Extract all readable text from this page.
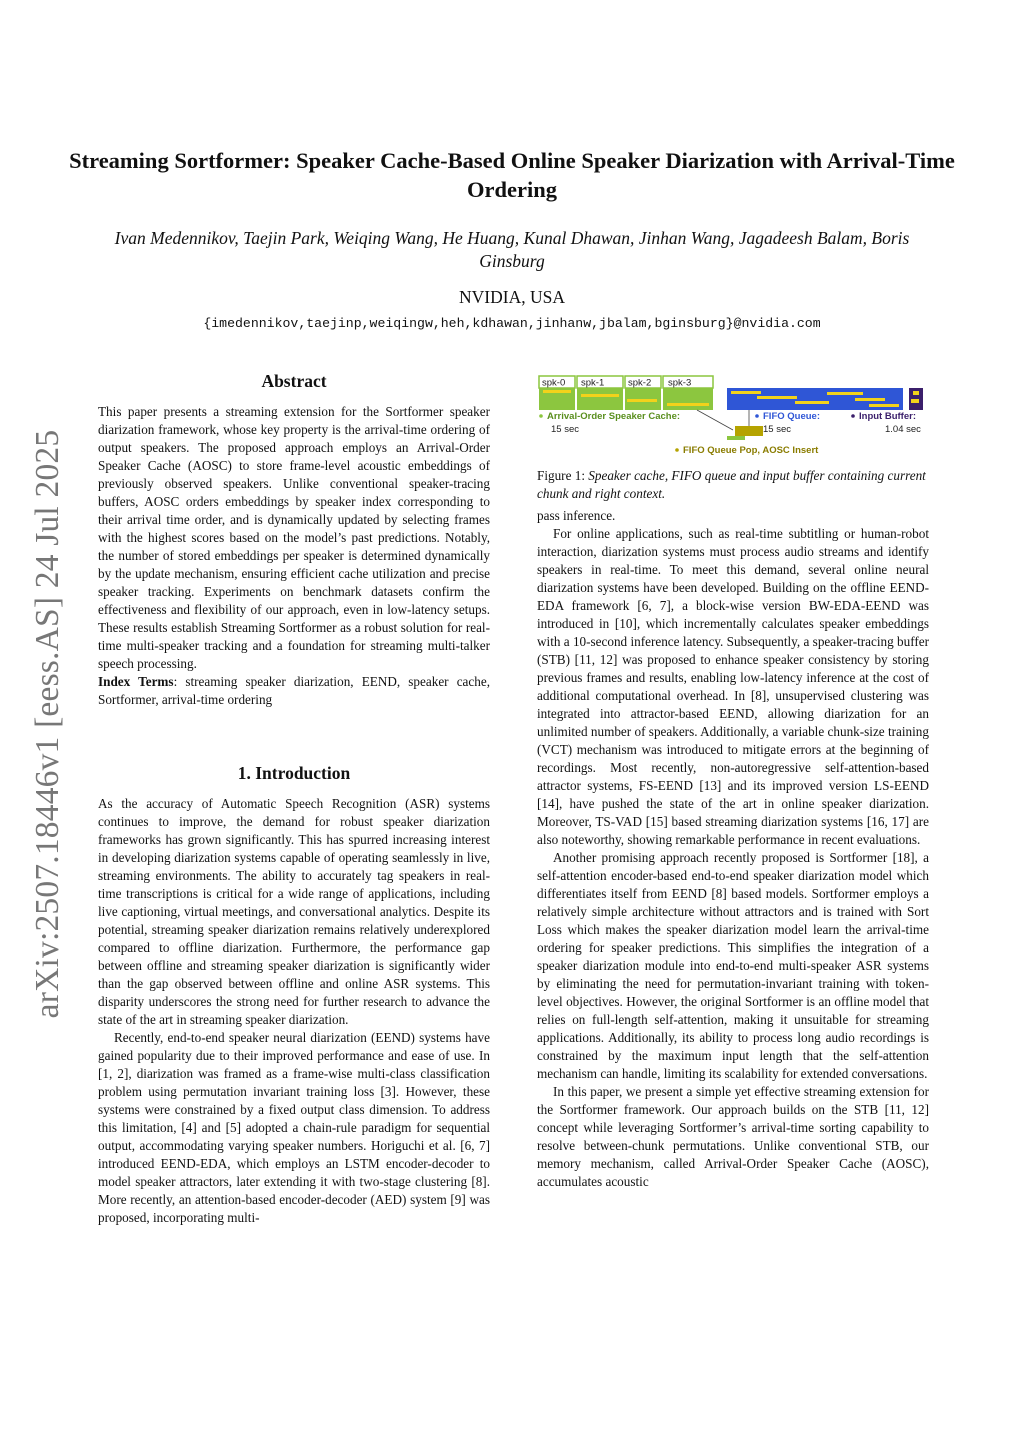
Streaming Sortformer: Speaker Cache-Based Online Speaker Diarization with Arrival-Time Ordering
Ivan Medennikov, Taejin Park, Weiqing Wang, He Huang, Kunal Dhawan, Jinhan Wang, Jagadeesh Balam, Boris Ginsburg
NVIDIA, USA
{imedennikov,taejinp,weiqingw,heh,kdhawan,jinhanw,jbalam,bginsburg}@nvidia.com
arXiv:2507.18446v1 [eess.AS] 24 Jul 2025
Abstract

This paper presents a streaming extension for the Sortformer speaker diarization framework, whose key property is the arrival-time ordering of output speakers. The proposed approach employs an Arrival-Order Speaker Cache (AOSC) to store frame-level acoustic embeddings of previously observed speakers. Unlike conventional speaker-tracing buffers, AOSC orders embeddings by speaker index corresponding to their arrival time order, and is dynamically updated by selecting frames with the highest scores based on the model’s past predictions. Notably, the number of stored embeddings per speaker is determined dynamically by the update mechanism, ensuring efficient cache utilization and precise speaker tracking. Experiments on benchmark datasets confirm the effectiveness and flexibility of our approach, even in low-latency setups. These results establish Streaming Sortformer as a robust solution for real-time multi-speaker tracking and a foundation for streaming multi-talker speech processing.

Index Terms: streaming speaker diarization, EEND, speaker cache, Sortformer, arrival-time ordering

1. Introduction

As the accuracy of Automatic Speech Recognition (ASR) systems continues to improve, the demand for robust speaker diarization frameworks has grown significantly. This has spurred increasing interest in developing diarization systems capable of operating seamlessly in live, streaming environments. The ability to accurately tag speakers in real-time transcriptions is critical for a wide range of applications, including live captioning, virtual meetings, and conversational analytics. Despite its potential, streaming speaker diarization remains relatively underexplored compared to offline diarization. Furthermore, the performance gap between offline and streaming speaker diarization is significantly wider than the gap observed between offline and online ASR systems. This disparity underscores the strong need for further research to advance the state of the art in streaming speaker diarization.

Recently, end-to-end speaker neural diarization (EEND) systems have gained popularity due to their improved performance and ease of use. In [1, 2], diarization was framed as a frame-wise multi-class classification problem using permutation invariant training loss [3]. However, these systems were constrained by a fixed output class dimension. To address this limitation, [4] and [5] adopted a chain-rule paradigm for sequential output, accommodating varying speaker numbers. Horiguchi et al. [6, 7] introduced EEND-EDA, which employs an LSTM encoder-decoder to model speaker attractors, later extending it with two-stage clustering [8]. More recently, an attention-based encoder-decoder (AED) system [9] was proposed, incorporating multi-

spk-0 spk-1	spk-2 spk-3
Arrival-Order Speaker Cache:
15 sec
FIFO Queue:
15 sec
Input Buffer:
1.04 sec
FIFO Queue Pop, AOSC Insert
Figure 1: Speaker cache, FIFO queue and input buffer containing current chunk and right context.

pass inference.

For online applications, such as real-time subtitling or human-robot interaction, diarization systems must process audio streams and identify speakers in real-time. To meet this demand, several online neural diarization systems have been developed. Building on the offline EEND-EDA framework [6, 7], a block-wise version BW-EDA-EEND was introduced in [10], which incrementally calculates speaker embeddings with a 10-second inference latency. Subsequently, a speaker-tracing buffer (STB) [11, 12] was proposed to enhance speaker consistency by storing previous frames and results, enabling low-latency inference at the cost of additional computational overhead. In [8], unsupervised clustering was integrated into attractor-based EEND, allowing diarization for an unlimited number of speakers. Additionally, a variable chunk-size training (VCT) mechanism was introduced to mitigate errors at the beginning of recordings. Most recently, non-autoregressive self-attention-based attractor systems, FS-EEND [13] and its improved version LS-EEND [14], have pushed the state of the art in online speaker diarization. Moreover, TS-VAD [15] based streaming diarization systems [16, 17] are also noteworthy, showing remarkable performance in recent evaluations.

Another promising approach recently proposed is Sortformer [18], a self-attention encoder-based end-to-end speaker diarization model which differentiates itself from EEND [8] based models. Sortformer employs a relatively simple architecture without attractors and is trained with Sort Loss which makes the speaker diarization model learn the arrival-time ordering for speaker predictions. This simplifies the integration of a speaker diarization module into end-to-end multi-speaker ASR systems by eliminating the need for permutation-invariant training with token-level objectives. However, the original Sortformer is an offline model that relies on full-length self-attention, making it unsuitable for streaming applications. Additionally, its ability to process long audio recordings is constrained by the maximum input length that the self-attention mechanism can handle, limiting its scalability for extended conversations.

In this paper, we present a simple yet effective streaming extension for the Sortformer framework. Our approach builds on the STB [11, 12] concept while leveraging Sortformer’s arrival-time sorting capability to resolve between-chunk permutations. Unlike conventional STB, our memory mechanism, called Arrival-Order Speaker Cache (AOSC), accumulates acoustic
